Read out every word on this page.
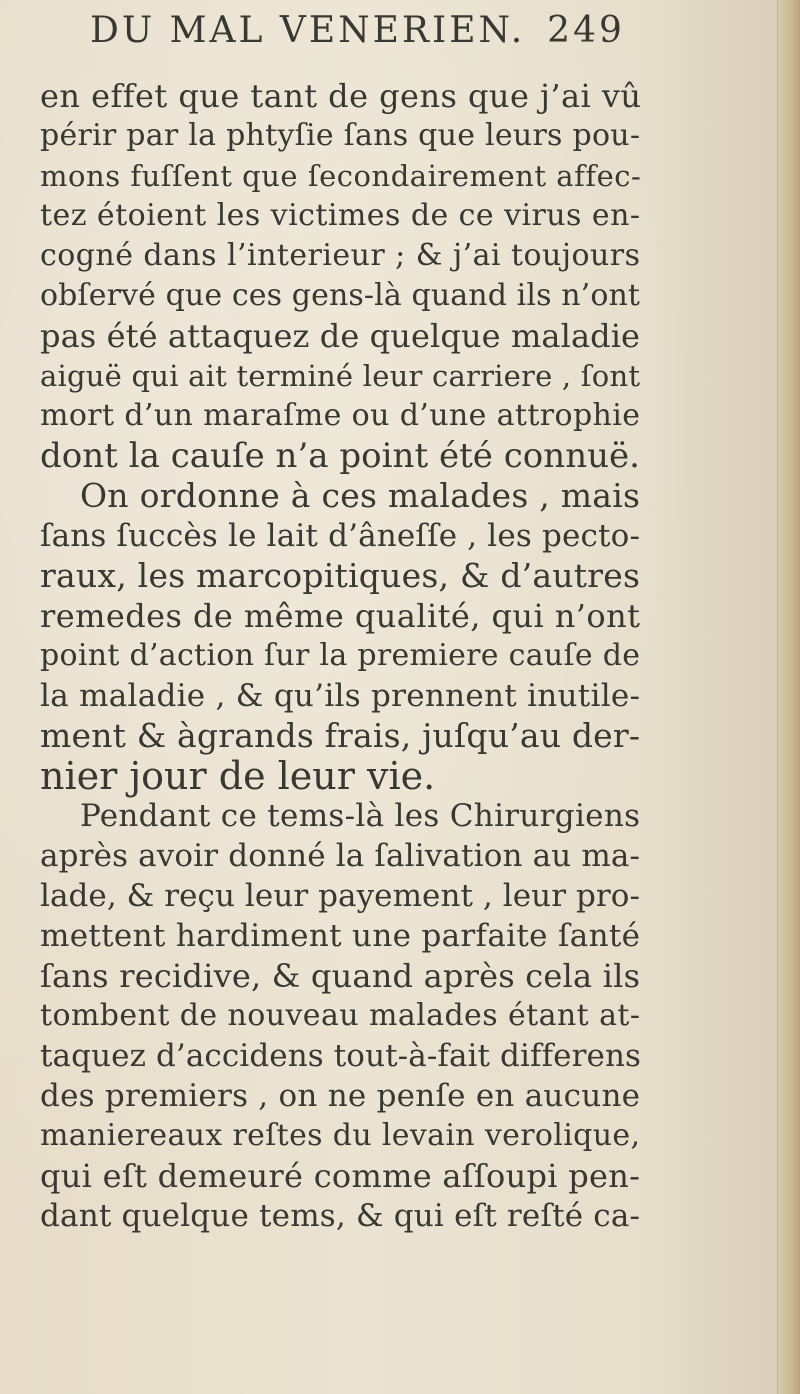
DU MAL VENERIEN. 249
en effet que tant de gens que j’ai vû
périr par la phtyſie ſans que leurs pou-
mons fuſſent que ſecondairement affec-
tez étoient les victimes de ce virus en-
cogné dans l’interieur ; & j’ai toujours
obſervé que ces gens-là quand ils n’ont
pas été attaquez de quelque maladie
aiguë qui ait terminé leur carriere , ſont
mort d’un maraſme ou d’une attrophie
dont la cauſe n’a point été connuë.
On ordonne à ces malades , mais
ſans ſuccès le lait d’âneſſe , les pecto-
raux, les marcopitiques, & d’autres
remedes de même qualité, qui n’ont
point d’action ſur la premiere cauſe de
la maladie , & qu’ils prennent inutile-
ment & àgrands frais, juſqu’au der-
nier jour de leur vie.
Pendant ce tems-là les Chirurgiens
après avoir donné la ſalivation au ma-
lade, & reçu leur payement , leur pro-
mettent hardiment une parfaite ſanté
ſans recidive, & quand après cela ils
tombent de nouveau malades étant at-
taquez d’accidens tout-à-fait differens
des premiers , on ne penſe en aucune
maniereaux reſtes du levain verolique,
qui eſt demeuré comme aſſoupi pen-
dant quelque tems, & qui eſt reſté ca-
